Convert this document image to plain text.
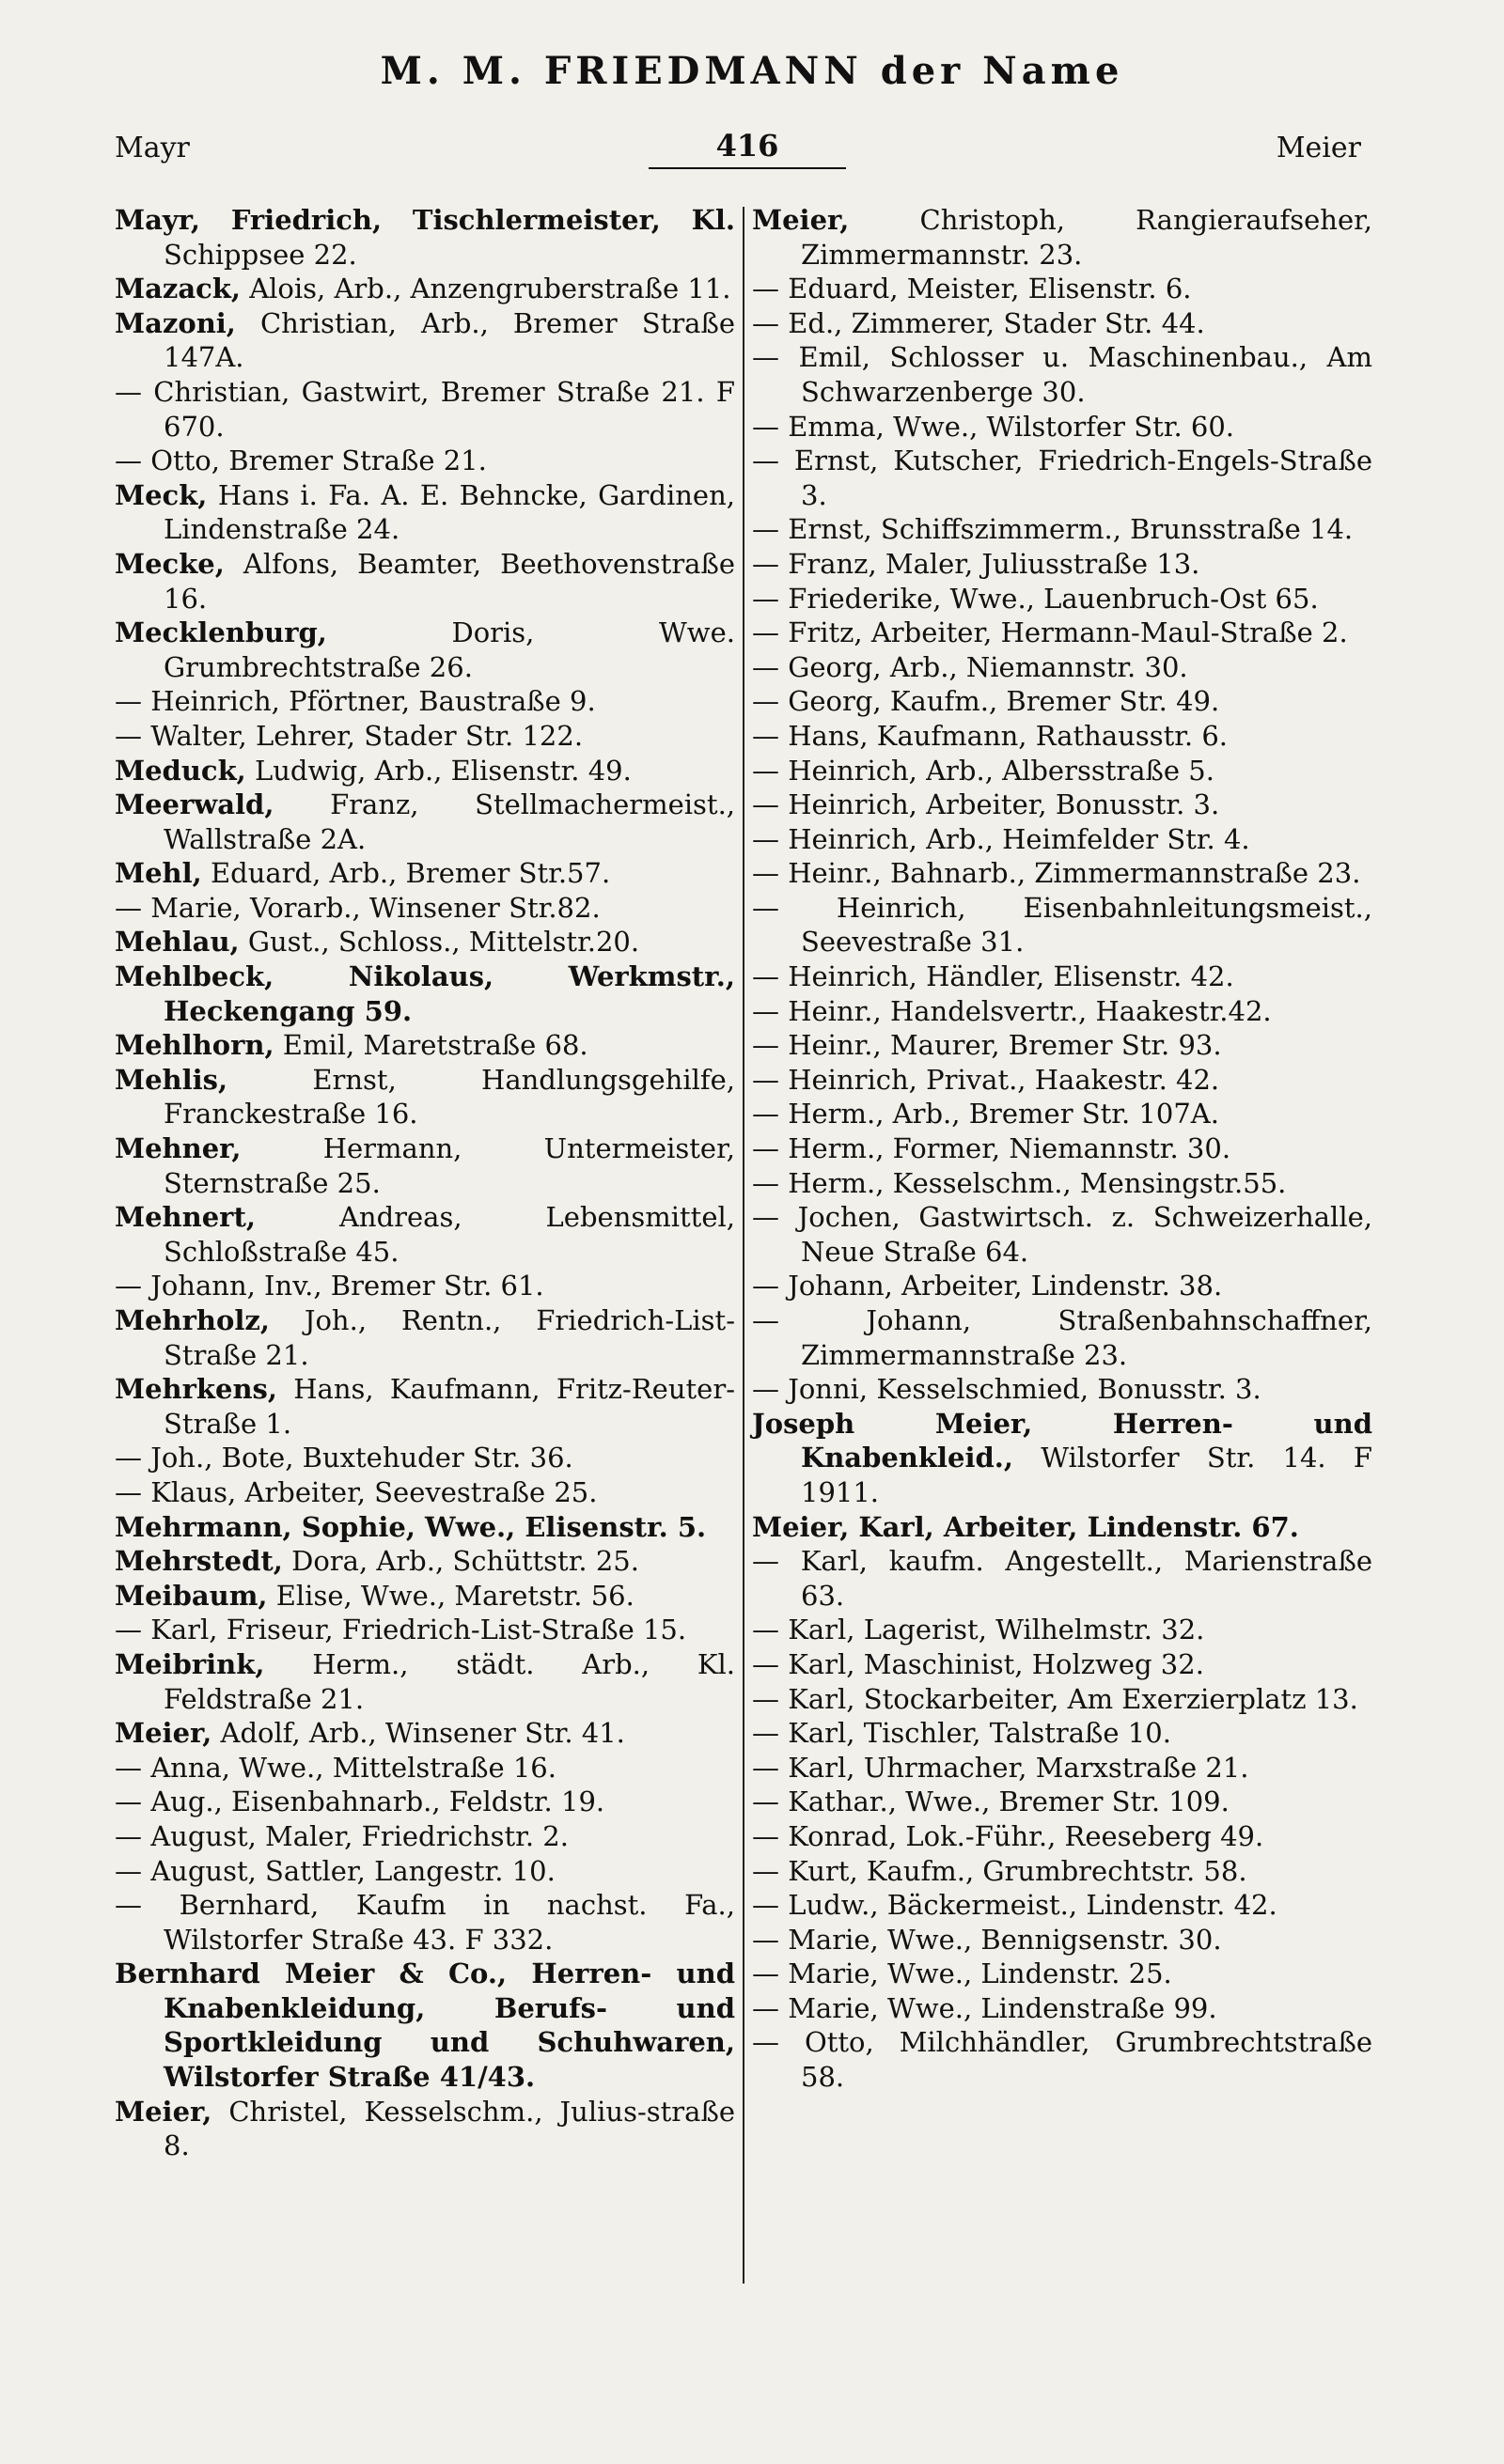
M. M. FRIEDMANN der Name
Mayr	416	Meier

Mayr, Friedrich, Tischlermeister, Kl. Schippsee 22.

Mazack, Alois, Arb., Anzengruberstraße 11.

Mazoni, Christian, Arb., Bremer Straße 147A.

— Christian, Gastwirt, Bremer Straße 21. F 670.

— Otto, Bremer Straße 21.

Meck, Hans i. Fa. A. E. Behncke, Gardinen, Lindenstraße 24.

Mecke, Alfons, Beamter, Beethovenstraße 16.

Mecklenburg,	Doris, Wwe. Grumbrechtstraße 26.

— Heinrich, Pförtner, Baustraße 9.

— Walter, Lehrer, Stader Str. 122.

Meduck, Ludwig, Arb., Elisenstr. 49.

Meerwald, Franz, Stellmachermeist., Wallstraße 2A.

Mehl, Eduard, Arb., Bremer Str.57.

— Marie, Vorarb., Winsener Str.82.

Mehlau, Gust., Schloss., Mittelstr.20.

Mehlbeck, Nikolaus, Werkmstr., Heckengang 59.

Mehlhorn, Emil, Maretstraße 68.

Mehlis,	Ernst, Handlungsgehilfe, Franckestraße 16.

Mehner,	Hermann, Untermeister, Sternstraße 25.

Mehnert,	Andreas, Lebensmittel, Schloßstraße 45.

— Johann, Inv., Bremer Str. 61.

Mehrholz, Joh., Rentn., Friedrich-List-Straße 21.

Mehrkens, Hans, Kaufmann, Fritz-Reuter-Straße 1.

— Joh., Bote, Buxtehuder Str. 36.

— Klaus, Arbeiter, Seevestraße 25.

Mehrmann, Sophie, Wwe., Elisenstr. 5.

Mehrstedt, Dora, Arb., Schüttstr. 25.

Meibaum, Elise, Wwe., Maretstr. 56.

— Karl, Friseur, Friedrich-List-Straße 15.

Meibrink, Herm., städt. Arb., Kl. Feldstraße 21.

Meier, Adolf, Arb., Winsener Str. 41.

— Anna, Wwe., Mittelstraße 16.

— Aug., Eisenbahnarb., Feldstr. 19.

— August, Maler, Friedrichstr. 2.

— August, Sattler, Langestr. 10.

— Bernhard, Kaufm in nachst. Fa., Wilstorfer Straße 43. F 332.

Bernhard Meier & Co., Herren- und Knabenkleidung, Berufs- und Sportkleidung und Schuhwaren, Wilstorfer Straße 41/43.

Meier, Christel, Kesselschm., Julius-straße 8.

Meier,	Christoph, Rangieraufseher, Zimmermannstr. 23.

— Eduard, Meister, Elisenstr. 6.

— Ed., Zimmerer, Stader Str. 44.

— Emil, Schlosser u. Maschinenbau., Am Schwarzenberge 30.

— Emma, Wwe., Wilstorfer Str. 60.

— Ernst, Kutscher, Friedrich-Engels-Straße 3.

— Ernst, Schiffszimmerm., Brunsstraße 14.

— Franz, Maler, Juliusstraße 13.

— Friederike, Wwe., Lauenbruch-Ost 65.

— Fritz, Arbeiter, Hermann-Maul-Straße 2.

— Georg, Arb., Niemannstr. 30.

— Georg, Kaufm., Bremer Str. 49.

— Hans, Kaufmann, Rathausstr. 6.

— Heinrich, Arb., Albersstraße 5.

— Heinrich, Arbeiter, Bonusstr. 3.

— Heinrich, Arb., Heimfelder Str. 4.

— Heinr., Bahnarb., Zimmermannstraße 23.

— Heinrich, Eisenbahnleitungsmeist., Seevestraße 31.

— Heinrich, Händler, Elisenstr. 42.

— Heinr., Handelsvertr., Haakestr.42.

— Heinr., Maurer, Bremer Str. 93.

— Heinrich, Privat., Haakestr. 42.

— Herm., Arb., Bremer Str. 107A.

— Herm., Former, Niemannstr. 30.

— Herm., Kesselschm., Mensingstr.55.

— Jochen, Gastwirtsch. z. Schweizerhalle, Neue Straße 64.

— Johann, Arbeiter, Lindenstr. 38.

— Johann, Straßenbahnschaffner, Zimmermannstraße 23.

— Jonni, Kesselschmied, Bonusstr. 3.

Joseph Meier, Herren- und Knabenkleid., Wilstorfer Str. 14. F 1911.

Meier, Karl, Arbeiter, Lindenstr. 67.

— Karl, kaufm. Angestellt., Marienstraße 63.

— Karl, Lagerist, Wilhelmstr. 32.

— Karl, Maschinist, Holzweg 32.

— Karl, Stockarbeiter, Am Exerzierplatz 13.

— Karl, Tischler, Talstraße 10.

— Karl, Uhrmacher, Marxstraße 21.

— Kathar., Wwe., Bremer Str. 109.

— Konrad, Lok.-Führ., Reeseberg 49.

— Kurt, Kaufm., Grumbrechtstr. 58.

— Ludw., Bäckermeist., Lindenstr. 42.

— Marie, Wwe., Bennigsenstr. 30.

— Marie, Wwe., Lindenstr. 25.

— Marie, Wwe., Lindenstraße 99.

— Otto, Milchhändler, Grumbrechtstraße 58.
